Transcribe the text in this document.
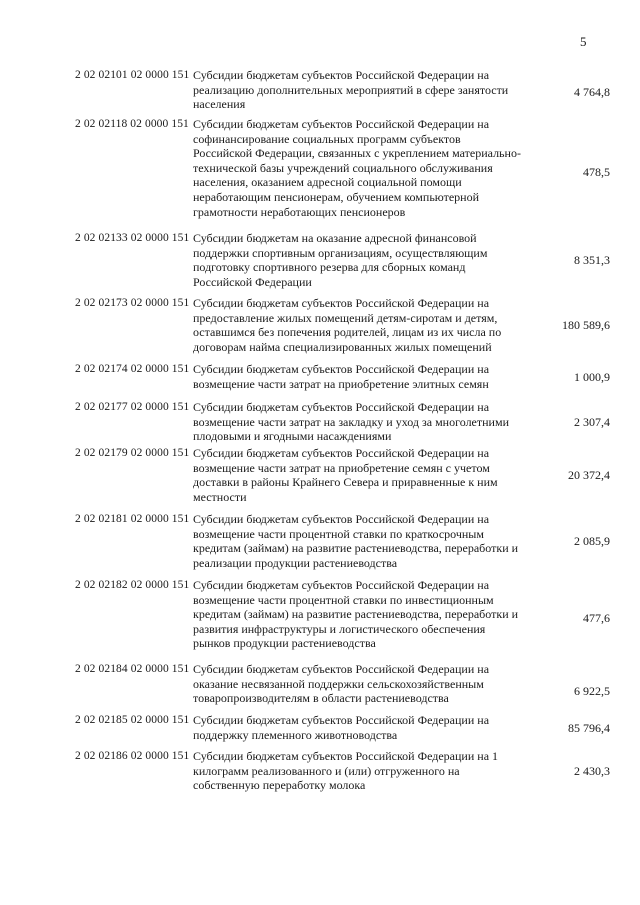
5
2 02 02101 02 0000 151 Субсидии бюджетам субъектов Российской Федерации на
реализацию дополнительных мероприятий в сфере занятости
населения
4 764,8
2 02 02118 02 0000 151 Субсидии бюджетам субъектов Российской Федерации на
софинансирование социальных программ субъектов
Российской Федерации, связанных с укреплением материально-
технической базы учреждений социального обслуживания
населения, оказанием адресной социальной помощи
неработающим пенсионерам, обучением компьютерной
грамотности неработающих пенсионеров
478,5
2 02 02133 02 0000 151 Субсидии бюджетам на оказание адресной финансовой
поддержки спортивным организациям, осуществляющим
подготовку спортивного резерва для сборных команд
Российской Федерации
8 351,3
2 02 02173 02 0000 151 Субсидии бюджетам субъектов Российской Федерации на
предоставление жилых помещений детям-сиротам и детям,
оставшимся без попечения родителей, лицам из их числа по
договорам найма специализированных жилых помещений
180 589,6
2 02 02174 02 0000 151 Субсидии бюджетам субъектов Российской Федерации на
возмещение части затрат на приобретение элитных семян	1 000,9
2 02 02177 02 0000 151 Субсидии бюджетам субъектов Российской Федерации на
возмещение части затрат на закладку и уход за многолетними
плодовыми и ягодными насаждениями
2 307,4
2 02 02179 02 0000 151 Субсидии бюджетам субъектов Российской Федерации на
возмещение части затрат на приобретение семян с учетом
доставки в районы Крайнего Севера и приравненные к ним
местности
20 372,4
2 02 02181 02 0000 151 Субсидии бюджетам субъектов Российской Федерации на
возмещение части процентной ставки по краткосрочным
кредитам (займам) на развитие растениеводства, переработки и
реализации продукции растениеводства
2 085,9
2 02 02182 02 0000 151 Субсидии бюджетам субъектов Российской Федерации на
возмещение части процентной ставки по инвестиционным
кредитам (займам) на развитие растениеводства, переработки и
развития инфраструктуры и логистического обеспечения
рынков продукции растениеводства
477,6
2 02 02184 02 0000 151 Субсидии бюджетам субъектов Российской Федерации на
оказание несвязанной поддержки сельскохозяйственным
товаропроизводителям в области растениеводства
6 922,5
2 02 02185 02 0000 151 Субсидии бюджетам субъектов Российской Федерации на
поддержку племенного животноводства	85 796,4
2 02 02186 02 0000 151 Субсидии бюджетам субъектов Российской Федерации на 1
килограмм реализованного и (или) отгруженного на
собственную переработку молока
2 430,3
